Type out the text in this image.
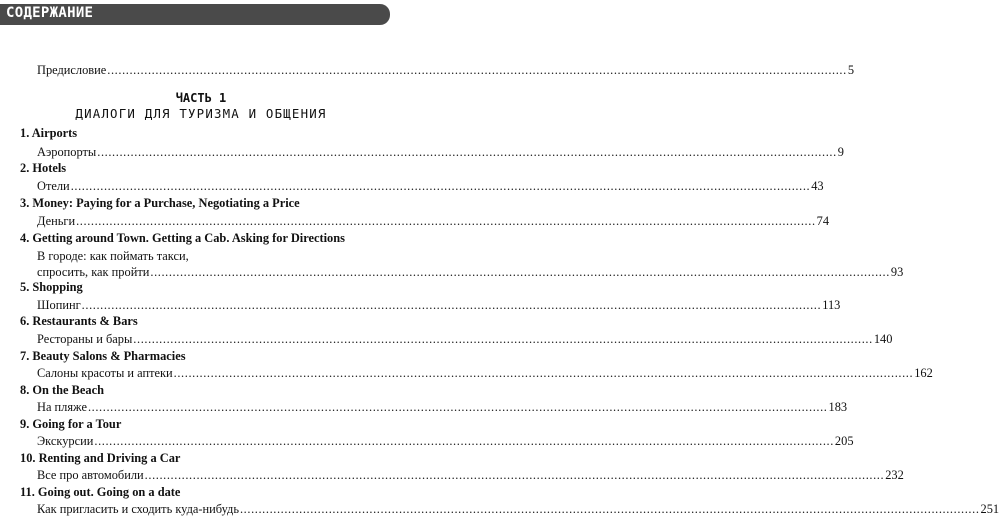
СОДЕРЖАНИЕ
Предисловие ........................................................................................................................................................................................................ 5
ЧАСТЬ 1
ДИАЛОГИ ДЛЯ ТУРИЗМА И ОБЩЕНИЯ
1. Airports
Аэропорты ........................................................................................................................................................................................................ 9
2. Hotels
Отели ........................................................................................................................................................................................................ 43
3. Money: Paying for a Purchase, Negotiating a Price
Деньги ........................................................................................................................................................................................................ 74
4. Getting around Town. Getting a Cab. Asking for Directions
В городе: как поймать такси,
спросить, как пройти ........................................................................................................................................................................................................ 93
5. Shopping
Шопинг ........................................................................................................................................................................................................ 113
6. Restaurants & Bars
Рестораны и бары ........................................................................................................................................................................................................ 140
7. Beauty Salons & Pharmacies
Салоны красоты и аптеки ........................................................................................................................................................................................................ 162
8. On the Beach
На пляже ........................................................................................................................................................................................................ 183
9. Going for a Tour
Экскурсии ........................................................................................................................................................................................................ 205
10. Renting and Driving a Car
Все про автомобили ........................................................................................................................................................................................................ 232
11. Going out. Going on a date
Как пригласить и сходить куда-нибудь ........................................................................................................................................................................................................ 251
